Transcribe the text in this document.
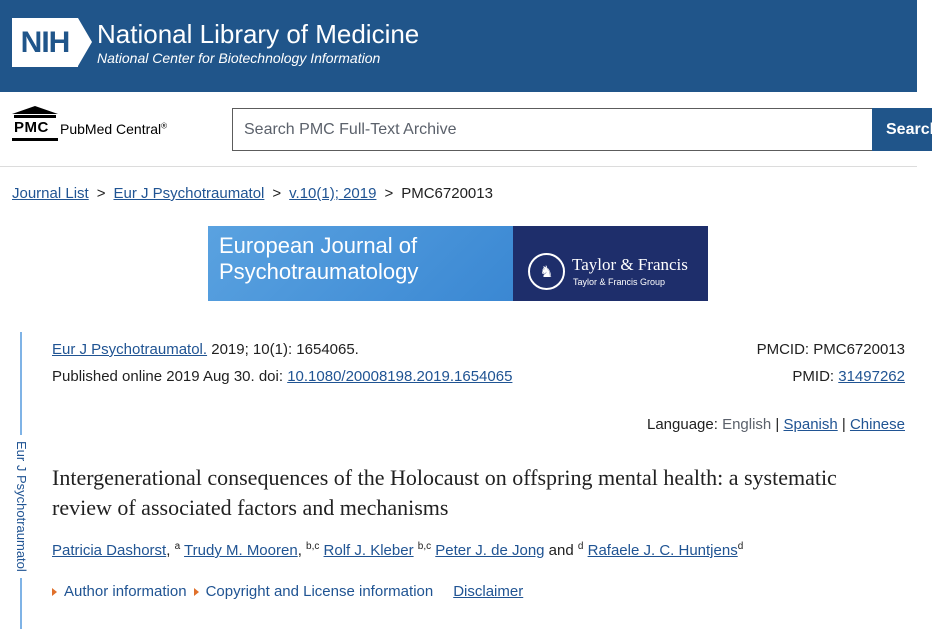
NIH	National Library of Medicine
National Center for Biotechnology Information
PMC PubMed Central®
Search PMC Full-Text Archive	Search
Journal List > Eur J Psychotraumatol > v.10(1); 2019 > PMC6720013
European Journal of
Psychotraumatology	♞	Taylor & Francis
Taylor & Francis Group
Eur J Psychotraumatol
Eur J Psychotraumatol. 2019; 10(1): 1654065.
Published online 2019 Aug 30. doi: 10.1080/20008198.2019.1654065
PMCID: PMC6720013
PMID: 31497262
Language: English | Spanish | Chinese
Intergenerational consequences of the Holocaust on offspring mental health: a systematic review of associated factors and mechanisms
Patricia Dashorst, $^a$ Trudy M. Mooren, $^{b,c}$ Rolf J. Kleber $^{b,c}$ Peter J. de Jong and $^d$ Rafaele J. C. Huntjens$^d$
Author information Copyright and License information Disclaimer
